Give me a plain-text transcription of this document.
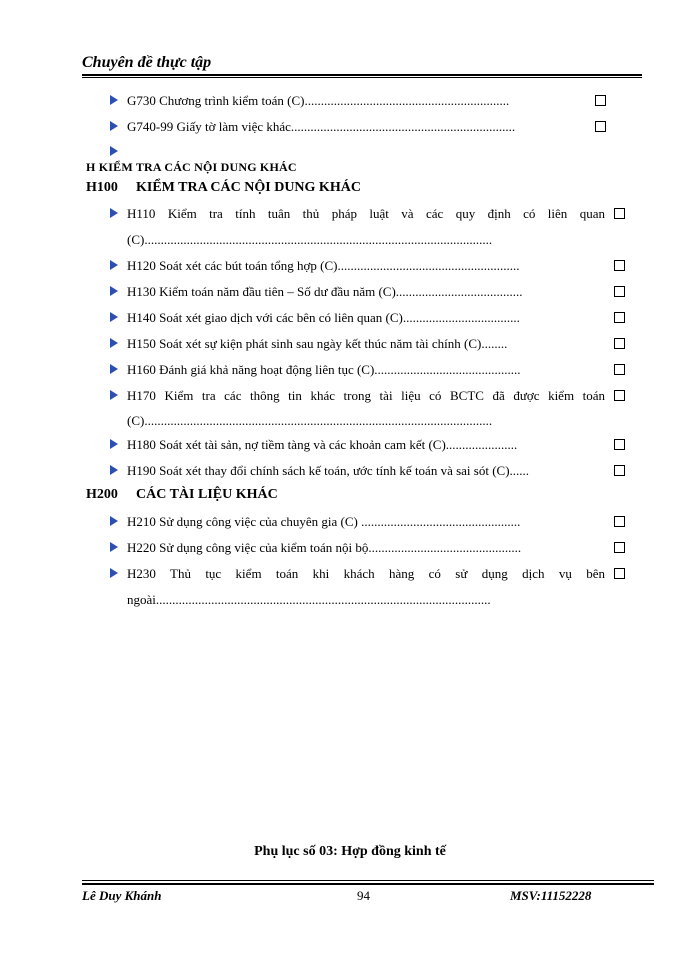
Chuyên đề thực tập
G730 Chương trình kiểm toán (C)...............................................................
G740-99 Giấy tờ làm việc khác.....................................................................
H KIỂM TRA CÁC NỘI DUNG KHÁC
H100 KIỂM TRA CÁC NỘI DUNG KHÁC
H110 Kiểm tra tính tuân thủ pháp luật và các quy định có liên quan
(C)...........................................................................................................
H120 Soát xét các bút toán tổng hợp (C)........................................................
H130 Kiểm toán năm đầu tiên – Số dư đầu năm (C).......................................
H140 Soát xét giao dịch với các bên có liên quan (C)....................................
H150 Soát xét sự kiện phát sinh sau ngày kết thúc năm tài chính (C)........
H160 Đánh giá khả năng hoạt động liên tục (C).............................................
H170 Kiểm tra các thông tin khác trong tài liệu có BCTC đã được kiểm toán
(C)...........................................................................................................
H180 Soát xét tài sản, nợ tiềm tàng và các khoản cam kết (C)......................
H190 Soát xét thay đổi chính sách kế toán, ước tính kế toán và sai sót (C)......
H200 CÁC TÀI LIỆU KHÁC
H210 Sử dụng công việc của chuyên gia (C) .................................................
H220 Sử dụng công việc của kiểm toán nội bộ...............................................
H230 Thủ tục kiểm toán khi khách hàng có sử dụng dịch vụ bên
ngoài.......................................................................................................
Phụ lục số 03: Hợp đồng kinh tế
Lê Duy Khánh	94	MSV:11152228
